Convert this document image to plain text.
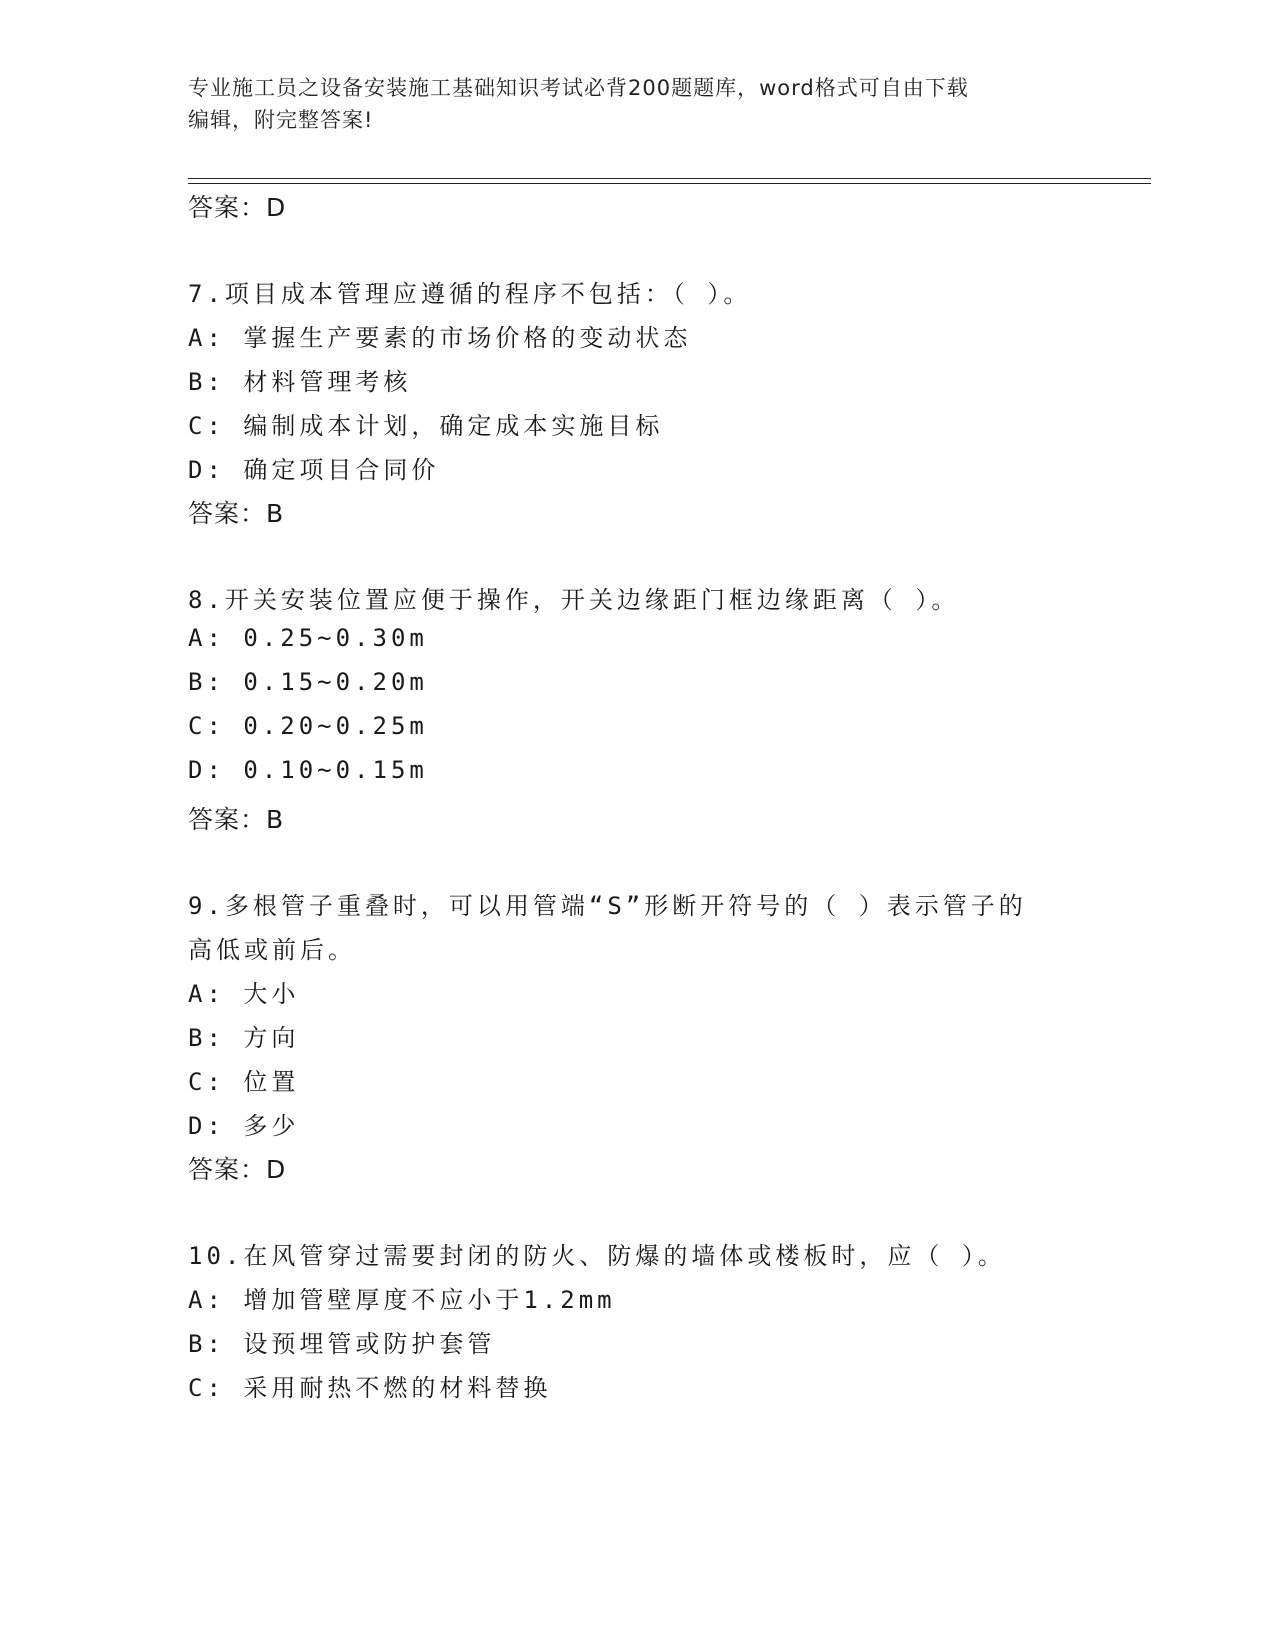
专业施工员之设备安装施工基础知识考试必背200题题库，word格式可自由下载
编辑，附完整答案!
答案：D
7.项目成本管理应遵循的程序不包括：（ ）。
A: 掌握生产要素的市场价格的变动状态
B: 材料管理考核
C: 编制成本计划，确定成本实施目标
D: 确定项目合同价
答案：B
8.开关安装位置应便于操作，开关边缘距门框边缘距离（ ）。
A: 0.25~0.30m
B: 0.15~0.20m
C: 0.20~0.25m
D: 0.10~0.15m
答案：B
9.多根管子重叠时，可以用管端“S”形断开符号的（ ）表示管子的
高低或前后。
A: 大小
B: 方向
C: 位置
D: 多少
答案：D
10.在风管穿过需要封闭的防火、防爆的墙体或楼板时，应（ ）。
A: 增加管壁厚度不应小于1.2mm
B: 设预埋管或防护套管
C: 采用耐热不燃的材料替换
